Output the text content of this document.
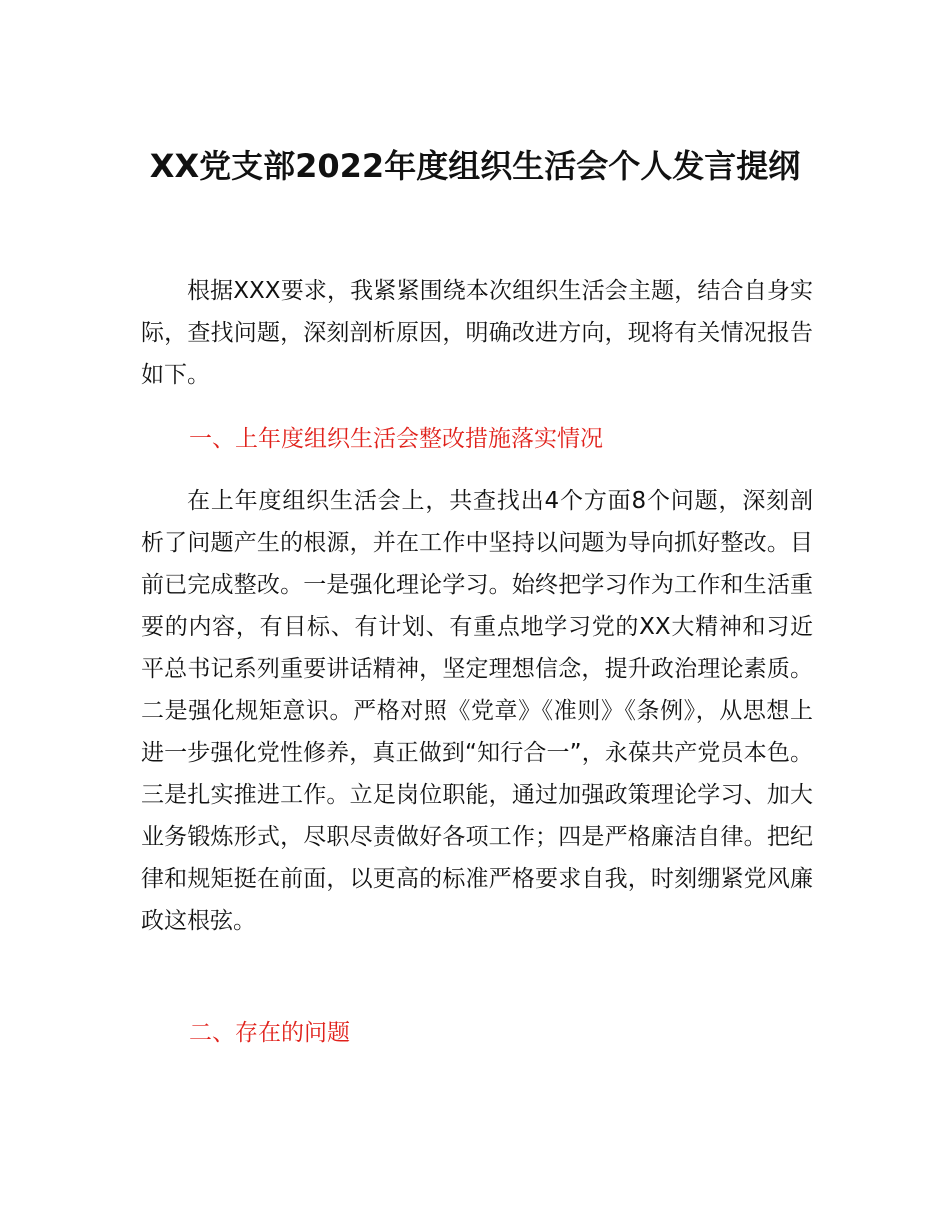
XX党支部2022年度组织生活会个人发言提纲

根据XXX要求，我紧紧围绕本次组织生活会主题，结合自身实际，查找问题，深刻剖析原因，明确改进方向，现将有关情况报告如下。

一、上年度组织生活会整改措施落实情况

在上年度组织生活会上，共查找出4个方面8个问题，深刻剖析了问题产生的根源，并在工作中坚持以问题为导向抓好整改。目前已完成整改。一是强化理论学习。始终把学习作为工作和生活重要的内容，有目标、有计划、有重点地学习党的XX大精神和习近平总书记系列重要讲话精神，坚定理想信念，提升政治理论素质。二是强化规矩意识。严格对照《党章》《准则》《条例》，从思想上进一步强化党性修养，真正做到“知行合一”，永葆共产党员本色。三是扎实推进工作。立足岗位职能，通过加强政策理论学习、加大业务锻炼形式，尽职尽责做好各项工作；四是严格廉洁自律。把纪律和规矩挺在前面，以更高的标准严格要求自我，时刻绷紧党风廉政这根弦。

二、存在的问题
